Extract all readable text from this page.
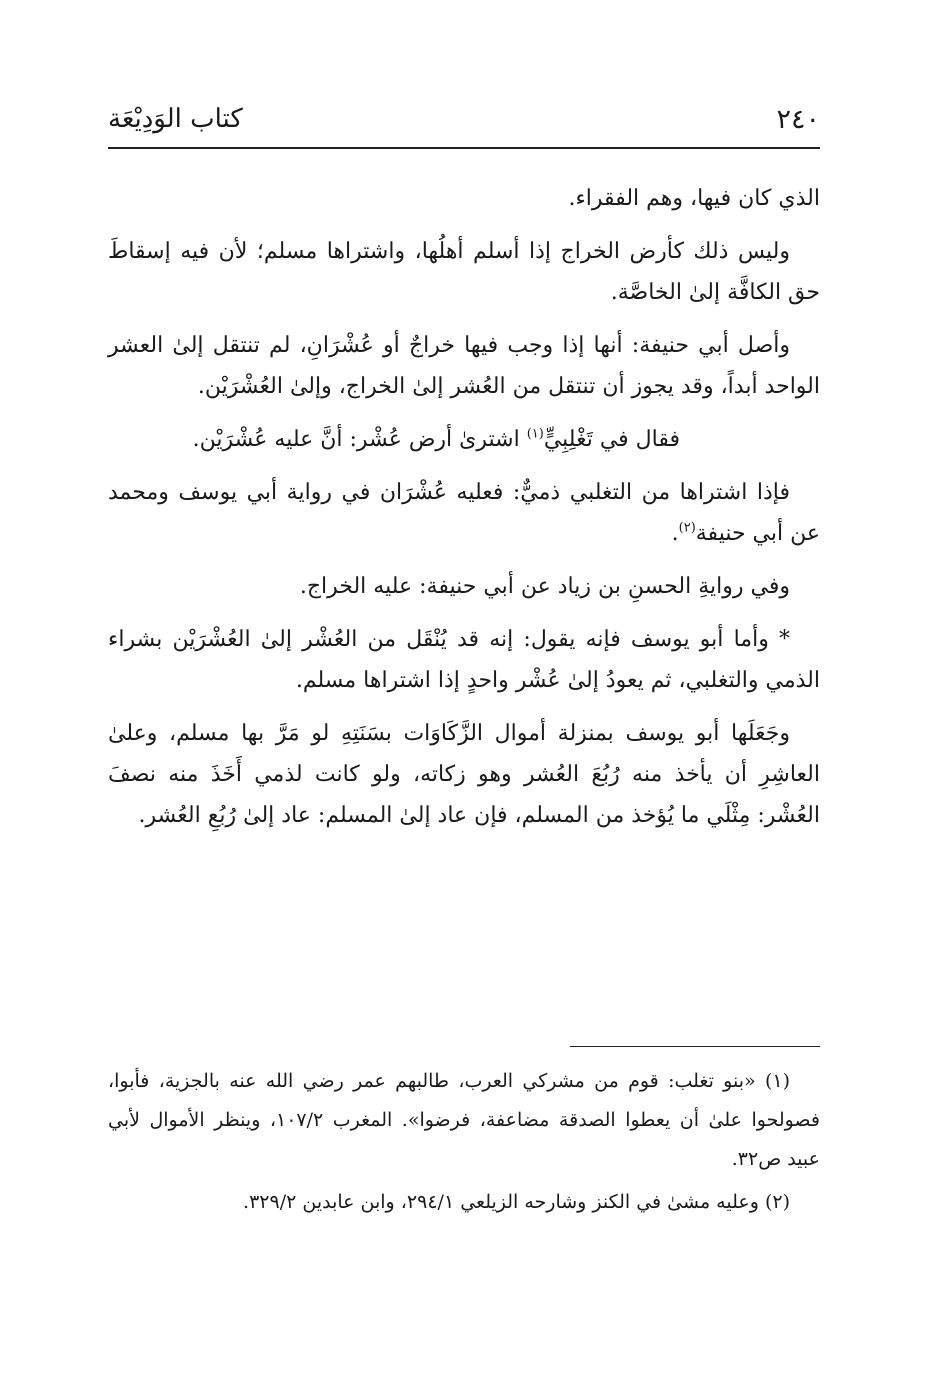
٢٤٠
كتاب الوَدِيْعَة

الذي كان فيها، وهم الفقراء.

وليس ذلك كأرض الخراج إذا أسلم أهلُها، واشتراها مسلم؛ لأن فيه إسقاطَ حق الكافَّة إلىٰ الخاصَّة.

وأصل أبي حنيفة: أنها إذا وجب فيها خراجٌ أو عُشْرَانِ، لم تنتقل إلىٰ العشر الواحد أبداً، وقد يجوز أن تنتقل من العُشر إلىٰ الخراج، وإلىٰ العُشْرَيْن.

فقال في تَغْلِبِيٍّ$^{(١)}$ اشترىٰ أرض عُشْر: أنَّ عليه عُشْرَيْن.

فإذا اشتراها من التغلبي ذميٌّ: فعليه عُشْرَان في رواية أبي يوسف ومحمد عن أبي حنيفة$^{(٢)}$.

وفي روايةِ الحسنِ بن زياد عن أبي حنيفة: عليه الخراج.

* وأما أبو يوسف فإنه يقول: إنه قد يُنْقَل من العُشْر إلىٰ العُشْرَيْن بشراء الذمي والتغلبي، ثم يعودُ إلىٰ عُشْر واحدٍ إذا اشتراها مسلم.

وجَعَلَها أبو يوسف بمنزلة أموال الزَّكَاوَات بسَنَتِهِ لو مَرَّ بها مسلم، وعلىٰ العاشِرِ أن يأخذ منه رُبُعَ العُشر وهو زكاته، ولو كانت لذمي أَخَذَ منه نصفَ العُشْر: مِثْلَي ما يُؤخذ من المسلم، فإن عاد إلىٰ المسلم: عاد إلىٰ رُبُعِ العُشر.

(١) «بنو تغلب: قوم من مشركي العرب، طالبهم عمر رضي الله عنه بالجزية، فأبوا، فصولحوا علىٰ أن يعطوا الصدقة مضاعفة، فرضوا». المغرب ١٠٧/٢، وينظر الأموال لأبي عبيد ص٣٢.

(٢) وعليه مشىٰ في الكنز وشارحه الزيلعي ٢٩٤/١، وابن عابدين ٣٢٩/٢.
